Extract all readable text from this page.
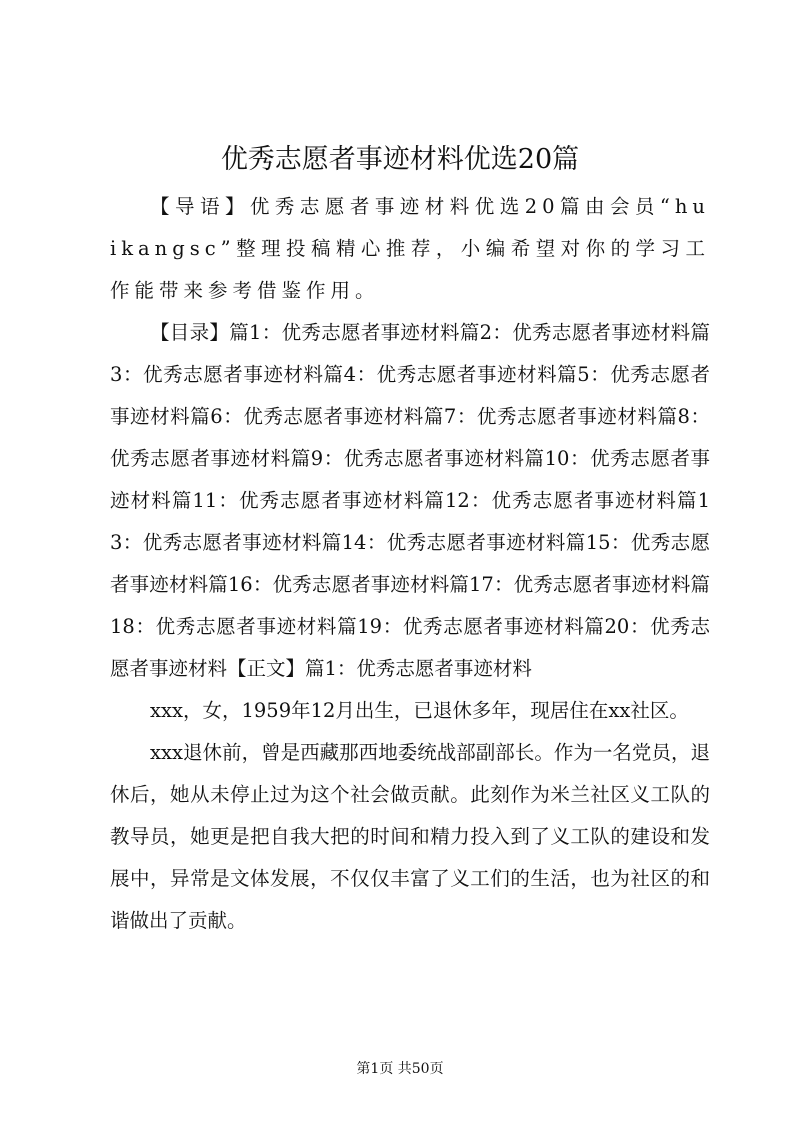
优秀志愿者事迹材料优选20篇

【导语】优秀志愿者事迹材料优选20篇由会员“huikangsc”整理投稿精心推荐，小编希望对你的学习工作能带来参考借鉴作用。

【目录】篇1：优秀志愿者事迹材料篇2：优秀志愿者事迹材料篇3：优秀志愿者事迹材料篇4：优秀志愿者事迹材料篇5：优秀志愿者事迹材料篇6：优秀志愿者事迹材料篇7：优秀志愿者事迹材料篇8：优秀志愿者事迹材料篇9：优秀志愿者事迹材料篇10：优秀志愿者事迹材料篇11：优秀志愿者事迹材料篇12：优秀志愿者事迹材料篇13：优秀志愿者事迹材料篇14：优秀志愿者事迹材料篇15：优秀志愿者事迹材料篇16：优秀志愿者事迹材料篇17：优秀志愿者事迹材料篇18：优秀志愿者事迹材料篇19：优秀志愿者事迹材料篇20：优秀志愿者事迹材料【正文】篇1：优秀志愿者事迹材料

xxx，女，1959年12月出生，已退休多年，现居住在xx社区。

xxx退休前，曾是西藏那西地委统战部副部长。作为一名党员，退休后，她从未停止过为这个社会做贡献。此刻作为米兰社区义工队的教导员，她更是把自我大把的时间和精力投入到了义工队的建设和发展中，异常是文体发展，不仅仅丰富了义工们的生活，也为社区的和谐做出了贡献。

第1页 共50页
